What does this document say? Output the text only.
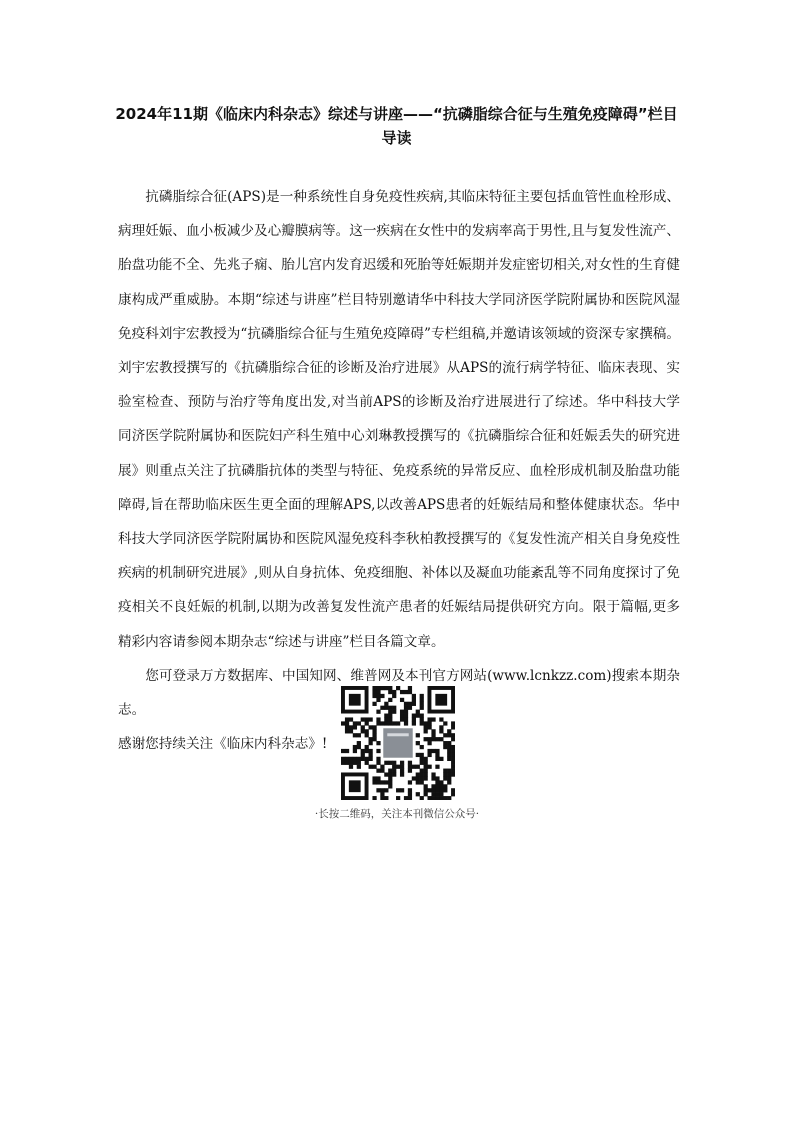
2024年11期《临床内科杂志》综述与讲座——“抗磷脂综合征与生殖免疫障碍”栏目导读

抗磷脂综合征(APS)是一种系统性自身免疫性疾病,其临床特征主要包括血管性血栓形成、病理妊娠、血小板减少及心瓣膜病等。这一疾病在女性中的发病率高于男性,且与复发性流产、胎盘功能不全、先兆子痫、胎儿宫内发育迟缓和死胎等妊娠期并发症密切相关,对女性的生育健康构成严重威胁。本期“综述与讲座”栏目特别邀请华中科技大学同济医学院附属协和医院风湿免疫科刘宇宏教授为“抗磷脂综合征与生殖免疫障碍”专栏组稿,并邀请该领域的资深专家撰稿。刘宇宏教授撰写的《抗磷脂综合征的诊断及治疗进展》从APS的流行病学特征、临床表现、实验室检查、预防与治疗等角度出发,对当前APS的诊断及治疗进展进行了综述。华中科技大学同济医学院附属协和医院妇产科生殖中心刘琳教授撰写的《抗磷脂综合征和妊娠丢失的研究进展》则重点关注了抗磷脂抗体的类型与特征、免疫系统的异常反应、血栓形成机制及胎盘功能障碍,旨在帮助临床医生更全面的理解APS,以改善APS患者的妊娠结局和整体健康状态。华中科技大学同济医学院附属协和医院风湿免疫科李秋柏教授撰写的《复发性流产相关自身免疫性疾病的机制研究进展》,则从自身抗体、免疫细胞、补体以及凝血功能紊乱等不同角度探讨了免疫相关不良妊娠的机制,以期为改善复发性流产患者的妊娠结局提供研究方向。限于篇幅,更多精彩内容请参阅本期杂志“综述与讲座”栏目各篇文章。

您可登录万方数据库、中国知网、维普网及本刊官方网站(www.lcnkzz.com)搜索本期杂志。

感谢您持续关注《临床内科杂志》!

·长按二维码，关注本刊微信公众号·
